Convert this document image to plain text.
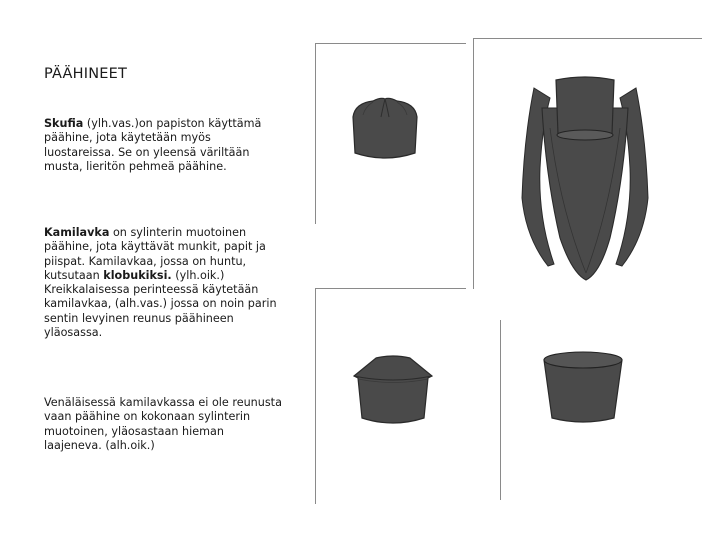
PÄÄHINEET
Skufia (ylh.vas.)on papiston käyttämä päähine, jota käytetään myös luostareissa. Se on yleensä väriltään musta, lieritön pehmeä päähine.
Kamilavka on sylinterin muotoinen päähine, jota käyttävät munkit, papit ja piispat. Kamilavkaa, jossa on huntu, kutsutaan klobukiksi. (ylh.oik.)
Kreikkalaisessa perinteessä käytetään kamilavkaa, (alh.vas.) jossa on noin parin sentin levyinen reunus päähineen yläosassa.
Venäläisessä kamilavkassa ei ole reunusta vaan päähine on kokonaan sylinterin muotoinen, yläosastaan hieman laajeneva. (alh.oik.)
